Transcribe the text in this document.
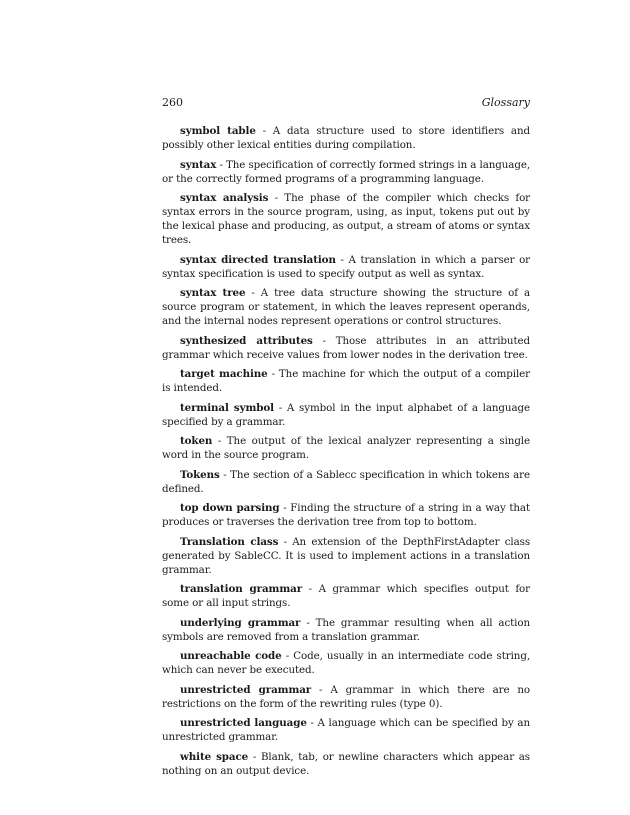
260	Glossary

symbol table - A data structure used to store identifiers and possibly other lexical entities during compilation.

syntax - The specification of correctly formed strings in a language, or the correctly formed programs of a programming language.

syntax analysis - The phase of the compiler which checks for syntax errors in the source program, using, as input, tokens put out by the lexical phase and producing, as output, a stream of atoms or syntax trees.

syntax directed translation - A translation in which a parser or syntax specification is used to specify output as well as syntax.

syntax tree - A tree data structure showing the structure of a source program or statement, in which the leaves represent operands, and the internal nodes represent operations or control structures.

synthesized attributes - Those attributes in an attributed grammar which receive values from lower nodes in the derivation tree.

target machine - The machine for which the output of a compiler is intended.

terminal symbol - A symbol in the input alphabet of a language specified by a grammar.

token - The output of the lexical analyzer representing a single word in the source program.

Tokens - The section of a Sablecc specification in which tokens are defined.

top down parsing - Finding the structure of a string in a way that produces or traverses the derivation tree from top to bottom.

Translation class - An extension of the DepthFirstAdapter class generated by SableCC. It is used to implement actions in a translation grammar.

translation grammar - A grammar which specifies output for some or all input strings.

underlying grammar - The grammar resulting when all action symbols are removed from a translation grammar.

unreachable code - Code, usually in an intermediate code string, which can never be executed.

unrestricted grammar - A grammar in which there are no restrictions on the form of the rewriting rules (type 0).

unrestricted language - A language which can be specified by an unrestricted grammar.

white space - Blank, tab, or newline characters which appear as nothing on an output device.
